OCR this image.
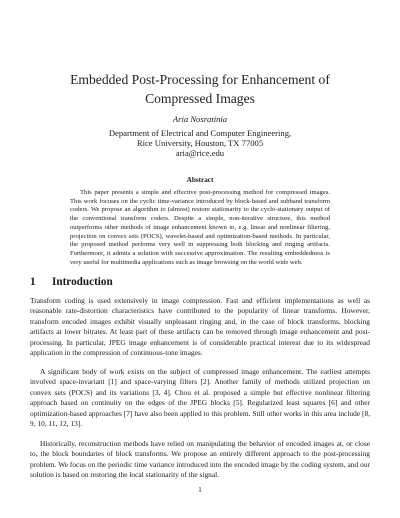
Embedded Post-Processing for Enhancement of
Compressed Images
Aria Nosratinia
Department of Electrical and Computer Engineering,
Rice University, Houston, TX 77005
aria@rice.edu
Abstract
This paper presents a simple and effective post-processing method for compressed images. This work focuses on the cyclic time-variance introduced by block-based and subband transform coders. We propose an algorithm to (almost) restore stationarity to the cyclo-stationary output of the conventional transform coders. Despite a simple, non-iterative structure, this method outperforms other methods of image enhancement known to, e.g. linear and nonlinear filtering, projection on convex sets (POCS), wavelet-based and optimization-based methods. In particular, the proposed method performs very well in suppressing both blocking and ringing artifacts. Furthermore, it admits a solution with successive approximation. The resulting embeddedness is very useful for multimedia applications such as image browsing on the world wide web.
1 Introduction
Transform coding is used extensively in image compression. Fast and efficient implementations as well as reasonable rate-distortion characteristics have contributed to the popularity of linear transforms. However, transform encoded images exhibit visually unpleasant ringing and, in the case of block transforms, blocking artifacts at lower bitrates. At least part of these artifacts can be removed through image enhancement and post-processing. In particular, JPEG image enhancement is of considerable practical interest due to its widespread application in the compression of continuous-tone images.
A significant body of work exists on the subject of compressed image enhancement. The earliest attempts involved space-invariant [1] and space-varying filters [2]. Another family of methods utilized projection on convex sets (POCS) and its variations [3, 4]. Chou et al. proposed a simple but effective nonlinear filtering approach based on continuity on the edges of the JPEG blocks [5]. Regularized least squares [6] and other optimization-based approaches [7] have also been applied to this problem. Still other works in this area include [8, 9, 10, 11, 12, 13].
Historically, reconstruction methods have relied on manipulating the behavior of encoded images at, or close to, the block boundaries of block transforms. We propose an entirely different approach to the post-processing problem. We focus on the periodic time variance introduced into the encoded image by the coding system, and our solution is based on restoring the local stationarity of the signal.
1
